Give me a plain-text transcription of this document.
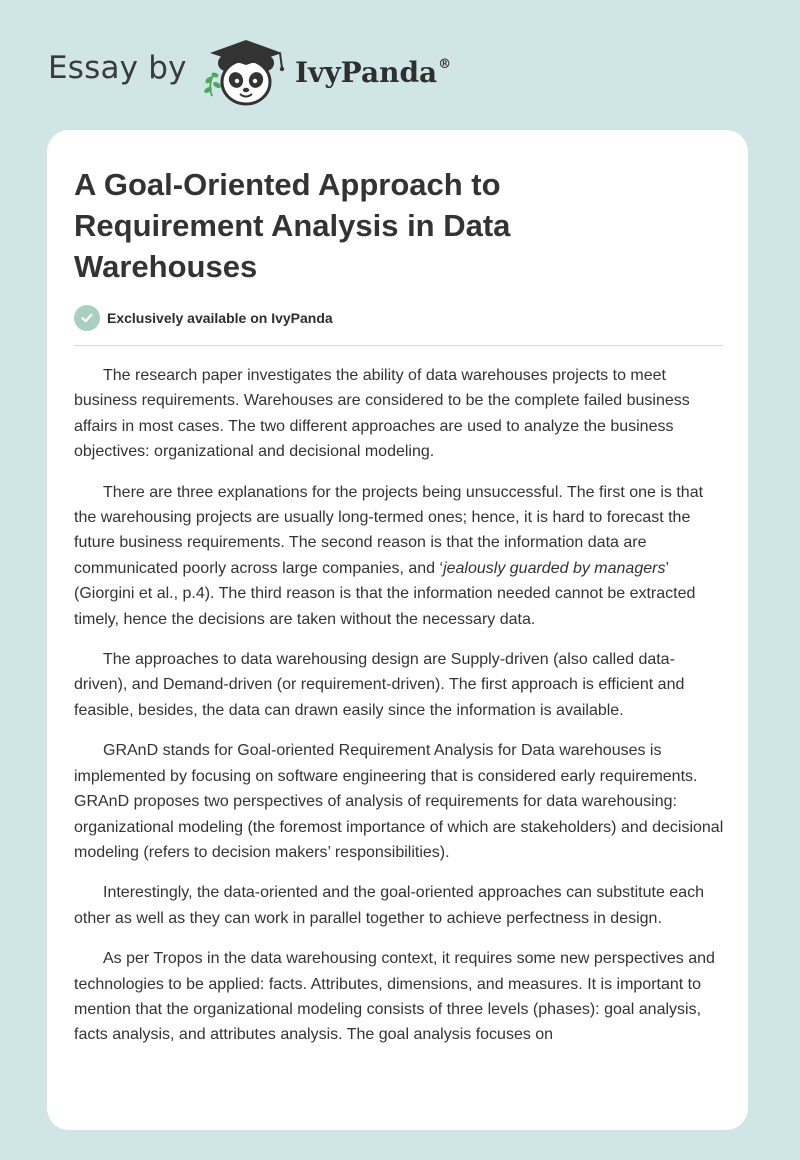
Essay by	IvyPanda®
A Goal-Oriented Approach to Requirement Analysis in Data Warehouses
Exclusively available on IvyPanda

The research paper investigates the ability of data warehouses projects to meet business requirements. Warehouses are considered to be the complete failed business affairs in most cases. The two different approaches are used to analyze the business objectives: organizational and decisional modeling.

There are three explanations for the projects being unsuccessful. The first one is that the warehousing projects are usually long-termed ones; hence, it is hard to forecast the future business requirements. The second reason is that the information data are communicated poorly across large companies, and ‘jealously guarded by managers’ (Giorgini et al., p.4). The third reason is that the information needed cannot be extracted timely, hence the decisions are taken without the necessary data.

The approaches to data warehousing design are Supply-driven (also called data-driven), and Demand-driven (or requirement-driven). The first approach is efficient and feasible, besides, the data can drawn easily since the information is available.

GRAnD stands for Goal-oriented Requirement Analysis for Data warehouses is implemented by focusing on software engineering that is considered early requirements. GRAnD proposes two perspectives of analysis of requirements for data warehousing: organizational modeling (the foremost importance of which are stakeholders) and decisional modeling (refers to decision makers’ responsibilities).

Interestingly, the data-oriented and the goal-oriented approaches can substitute each other as well as they can work in parallel together to achieve perfectness in design.

As per Tropos in the data warehousing context, it requires some new perspectives and technologies to be applied: facts. Attributes, dimensions, and measures. It is important to mention that the organizational modeling consists of three levels (phases): goal analysis, facts analysis, and attributes analysis. The goal analysis focuses on
